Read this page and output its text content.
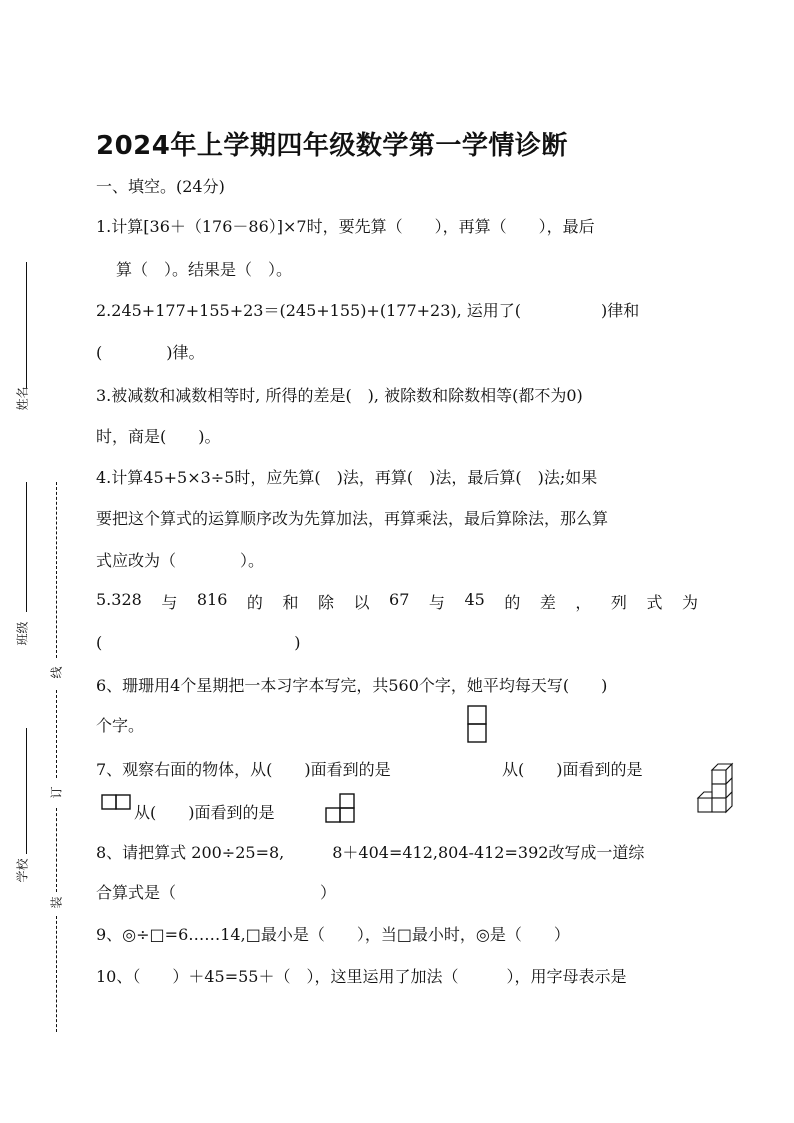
姓名
班级
学校
线
订
装
2024年上学期四年级数学第一学情诊断
一、填空。(24分)
1.计算[36＋（176－86）]×7时，要先算（　　），再算（　　），最后
算（　）。结果是（　）。
2.245+177+155+23＝(245+155)+(177+23), 运用了(　　　　　)律和
(　　　　)律。
3.被减数和减数相等时, 所得的差是(　), 被除数和除数相等(都不为0)
时，商是(　　)。
4.计算45+5×3÷5时，应先算(　)法，再算(　)法，最后算(　)法;如果
要把这个算式的运算顺序改为先算加法，再算乘法，最后算除法，那么算
式应改为（　　　　）。
5.328 与 816 的 和 除 以 67 与 45 的 差 ， 列 式 为
(　　　　　　　　　　　　)
6、珊珊用4个星期把一本习字本写完，共560个字，她平均每天写(　　)
个字。
7、观察右面的物体，从(　　)面看到的是	从(　　)面看到的是
从(　　)面看到的是
8、请把算式 200÷25=8,　　　8＋404=412,804-412=392改写成一道综
合算式是（　　　　　　　　　）
9、◎÷□=6……14,□最小是（　　），当□最小时，◎是（　　）
10、（　　）＋45=55＋（　），这里运用了加法（　　　），用字母表示是
